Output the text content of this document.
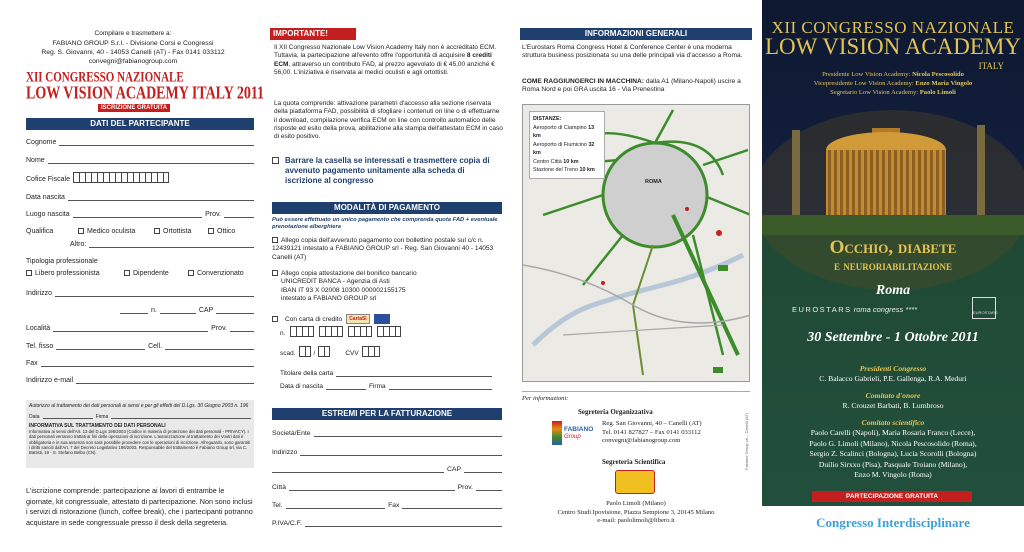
Compilare e trasmettere a:
FABIANO GROUP S.r.l. - Divisione Corsi e Congressi
Reg. S. Giovanni, 40 - 14053 Canelli (AT) - Fax 0141 033112
convegni@fabianogroup.com
XII CONGRESSO NAZIONALE
LOW VISION ACADEMY ITALY 2011
ISCRIZIONE GRATUITA
DATI DEL PARTECIPANTE
Cognome
Nome
Cofice Fiscale
Data nascita
Luogo nascita	Prov.
Qualifica	Medico oculista	Ortottista	Ottico
Altro:
Tipologia professionale
Libero professionista	Dipendente	Convenzionato
Indirizzo
n.	CAP
Località	Prov.
Tel. fisso	Cell.
Fax
Indirizzo e-mail
Autorizzo al trattamento dei dati personali ai sensi e per gli effetti del D.Lgs. 30 Giugno 2003 n. 196
Data	Firma
INFORMATIVA SUL TRATTAMENTO DEI DATI PERSONALI
Informativa ai sensi dell'Art. 13 del D.Lgs 196/2003 (Codice in materia di protezione dei dati personali - PRIVACY). I dati personali verranno trattati ai fini delle operazioni di iscrizione. L'autorizzazione al trattamento dei Vostri dati è obbligatoria e in sua assenza non sarà possibile procedere con le operazioni di iscrizione. All'eguardo, sono garantiti i diritti sanciti dall'Art. 7 del Decreto Legislativo 196/2003. Responsabile del trattamento è Fabiano Group srl, via C. Battisti, 19 - S. Stefano Belbo (CN).
L'iscrizione comprende: partecipazione ai lavori di entrambe le
giornate, kit congressuale, attestato di partecipazione. Non sono inclusi
i servizi di ristorazione (lunch, coffee break), che i partecipanti potranno
acquistare in sede congressuale presso il desk della segreteria.
IMPORTANTE!
Il XII Congresso Nazionale Low Vision Academy Italy non è accreditato ECM. Tuttavia, la partecipazione all'evento offre l'opportunità di acquisire 8 crediti ECM, attraverso un contributo FAD, al prezzo agevolato di € 45,00 anziché € 56,00. L'iniziativa è riservata ai medici oculisti e agli ortottisti.
La quota comprende: attivazione parametri d'accesso alla sezione riservata della piattaforma FAD, possibilità di sfogliare i contenuti on line o di effettuarne il download, compilazione verifica ECM on line con controllo automatico delle risposte ed esito della prova, abilitazione alla stampa dell'attestato ECM in caso di esito positivo.
Barrare la casella se interessati e trasmettere copia di avvenuto pagamento unitamente alla scheda di iscrizione al congresso
MODALITÀ DI PAGAMENTO
Può essere effettuato un unico pagamento che comprenda quota FAD + eventuale prenotazione alberghiera
Allego copia dell'avvenuto pagamento con bollettino postale sul c/c n. 12439121 intestato a FABIANO GROUP srl - Reg. San Giovanni 40 - 14053 Canelli (AT)
Allego copia attestazione del bonifico bancario
UNICREDIT BANCA - Agenzia di Asti
IBAN IT 93 X 02008 10300 000002155175
intestato a FABIANO GROUP srl
Con carta di credito	CartaSì
n.
scad.	/	CVV
Titolare della carta
Data di nascita	Firma
ESTREMI PER LA FATTURAZIONE
Società/Ente
Indirizzo
CAP
Città	Prov.
Tel.	Fax
P.IVA/C.F.
INFORMAZIONI GENERALI
L'Eurostars Roma Congress Hotel & Conference Center è una moderna struttura business posizionata su una delle principali via d'accesso a Roma.
COME RAGGIUNGERCI IN MACCHINA: dalla A1 (Milano-Napoli) uscire a Roma Nord e poi GRA uscita 16 - Via Prenestina
ROMA
DISTANZE:
Aeroporto di Ciampino 13 km
Aeroporto di Fiumicino 32 km
Centro Città 10 km
Stazione del Treno 10 km
Per informazioni:
Segreteria Organizzativa
FABIANO
Group
Reg. San Giovanni, 40 – Canelli (AT)
Tel. 0141 827827 – Fax 0141 033112
convegni@fabianogroup.com
Segreteria Scientifica
Paolo Limoli (Milano)
Centro Studi Ipovisione, Piazza Sempione 3, 20145 Milano
e-mail: paololimoli@libero.it
Fabiano Group srl – Canelli (AT)
XII CONGRESSO NAZIONALE
LOW VISION ACADEMY
ITALY
Presidente Low Vision Academy: Nicola Pescosolido
Vicepresidente Low Vision Academy: Enzo Maria Vingolo
Segretario Low Vision Academy: Paolo Limoli
Occhio, diabete
e neuroriabilitazione
Roma
EUROSTARS roma congress ****	EUROSTARS
30 Settembre - 1 Ottobre 2011
Presidenti Congresso
C. Balacco Gabrieli, P.E. Gallenga, R.A. Meduri
Comitato d'onore
R. Crouzet Barbati, B. Lumbroso
Comitato scientifico
Paolo Carelli (Napoli), Maria Rosaria Franco (Lecce),
Paolo G. Limoli (Milano), Nicola Pescosolido (Roma),
Sergio Z. Scalinci (Bologna), Lucia Scorolli (Bologna)
Duilio Sirxxo (Pisa), Pasquale Troiano (Milano),
Enzo M. Vingolo (Roma)
PARTECIPAZIONE GRATUITA
Congresso Interdisciplinare
